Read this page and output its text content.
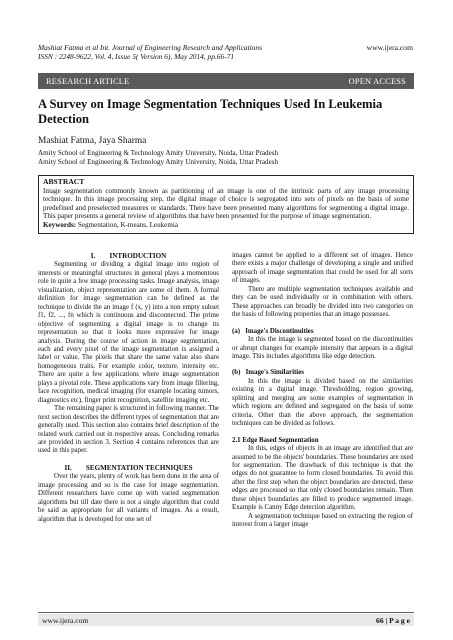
Mashiat Fatma et al Int. Journal of Engineering Research and Applications
ISSN : 2248-9622, Vol. 4, Issue 5( Version 6), May 2014, pp.66-71
www.ijera.com
RESEARCH ARTICLE	OPEN ACCESS
A Survey on Image Segmentation Techniques Used In Leukemia Detection
Mashiat Fatma, Jaya Sharma
Amity School of Engineering & Technology Amity University, Noida, Uttar Pradesh
Amity School of Engineering & Technology Amity University, Noida, Uttar Pradesh
ABSTRACT
Image segmentation commonly known as partitioning of an image is one of the intrinsic parts of any image processing technique. In this image processing step, the digital image of choice is segregated into sets of pixels on the basis of some predefined and preselected measures or standards. There have been presented many algorithms for segmenting a digital image. This paper presents a general review of algorithms that have been presented for the purpose of image segmentation.
Keywords: Segmentation, K-means, Leukemia
I.        INTRODUCTION

Segmenting or dividing a digital image into region of interests or meaningful structures in general plays a momentous role in quite a few image processing tasks. Image analysis, image visualization, object representation are some of them. A formal definition for image segmentation can be defined as the technique to divide the an image f (x, y) into a non empty subset f1, f2, ..., fn which is continuous and disconnected. The prime objective of segmenting a digital image is to change its representation so that it looks more expressive for image analysis. During the course of action in image segmentation, each and every pixel of the image segmentation is assigned a label or value. The pixels that share the same value also share homogeneous traits. For example color, texture, intensity etc. There are quite a few applications where image segmentation plays a pivotal role. These applications vary from image filtering, face recognition, medical imaging (for example locating tumors, diagnostics etc), finger print recognition, satellite imaging etc.

The remaining paper is structured in following manner. The next section describes the different types of segmentation that are generally used. This section also contains brief description of the related work carried out in respective areas. Concluding remarks are provided in section 3. Section 4 contains references that are used in this paper.

II.        SEGMENTATION TECHNIQUES

Over the years, plenty of work has been done in the area of image processing and so is the case for image segmentation. Different researchers have come up with varied segmentation algorithms but till date there is not a single algorithm that could be said as appropriate for all variants of images. As a result, algorithm that is developed for one set of

images cannot be applied to a different set of images. Hence there exists a major challenge of developing a single and unified approach of image segmentation that could be used for all sorts of images.

There are multiple segmentation techniques available and they can be used individually or in combination with others. These approaches can broadly be divided into two categories on the basis of following properties that an image possesses.

(a)   Image's Discontinuities

In this the image is segmented based on the discontinuities or abrupt changes for example intensity that appears in a digital image. This includes algorithms like edge detection.

(b)   Image's Similarities

In this the image is divided based on the similarities existing in a digital image. Thresholding, region growing, splitting and merging are some examples of segmentation in which regions are defined and segregated on the basis of some criteria. Other than the above approach, the segmentation techniques can be divided as follows.

2.1 Edge Based Segmentation

In this, edges of objects in an image are identified that are assumed to be the objects' boundaries. These boundaries are used for segmentation. The drawback of this technique is that the edges do not guarantee to form closed boundaries. To avoid this after the first step when the object boundaries are detected, these edges are processed so that only closed boundaries remain. Then these object boundaries are filled to produce segmented image. Example is Canny Edge detection algorithm.

A segmentation technique based on extracting the region of interest from a larger image

www.ijera.com	66 | P a g e
